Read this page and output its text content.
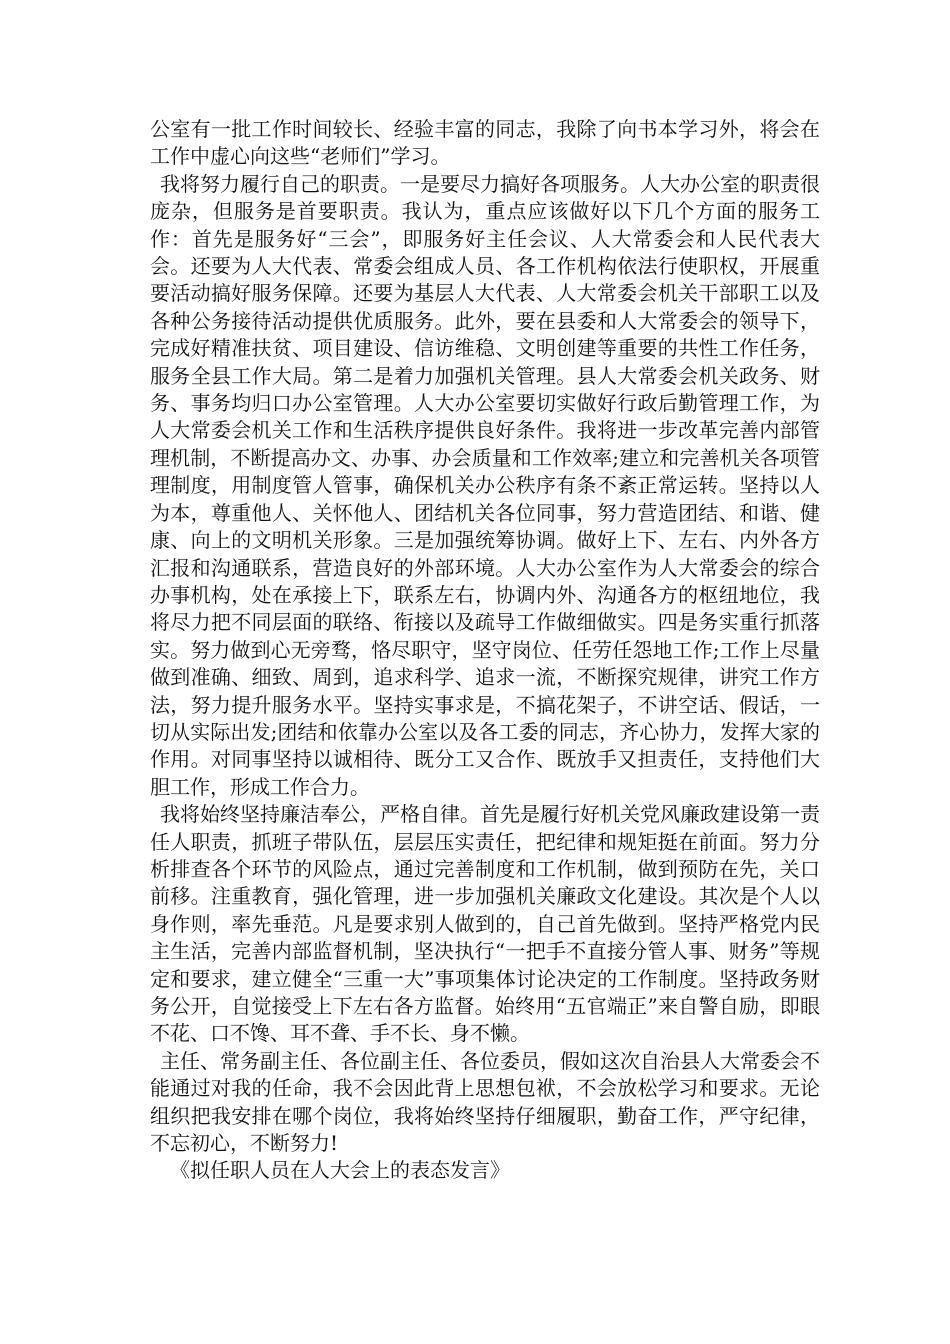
公室有一批工作时间较长、经验丰富的同志，我除了向书本学习外，将会在工作中虚心向这些“老师们”学习。

我将努力履行自己的职责。一是要尽力搞好各项服务。人大办公室的职责很庞杂，但服务是首要职责。我认为，重点应该做好以下几个方面的服务工作：首先是服务好“三会”，即服务好主任会议、人大常委会和人民代表大会。还要为人大代表、常委会组成人员、各工作机构依法行使职权，开展重要活动搞好服务保障。还要为基层人大代表、人大常委会机关干部职工以及各种公务接待活动提供优质服务。此外，要在县委和人大常委会的领导下，完成好精准扶贫、项目建设、信访维稳、文明创建等重要的共性工作任务，服务全县工作大局。第二是着力加强机关管理。县人大常委会机关政务、财务、事务均归口办公室管理。人大办公室要切实做好行政后勤管理工作，为人大常委会机关工作和生活秩序提供良好条件。我将进一步改革完善内部管理机制，不断提高办文、办事、办会质量和工作效率;建立和完善机关各项管理制度，用制度管人管事，确保机关办公秩序有条不紊正常运转。坚持以人为本，尊重他人、关怀他人、团结机关各位同事，努力营造团结、和谐、健康、向上的文明机关形象。三是加强统筹协调。做好上下、左右、内外各方汇报和沟通联系，营造良好的外部环境。人大办公室作为人大常委会的综合办事机构，处在承接上下，联系左右，协调内外、沟通各方的枢纽地位，我将尽力把不同层面的联络、衔接以及疏导工作做细做实。四是务实重行抓落实。努力做到心无旁骛，恪尽职守，坚守岗位、任劳任怨地工作;工作上尽量做到准确、细致、周到，追求科学、追求一流，不断探究规律，讲究工作方法，努力提升服务水平。坚持实事求是，不搞花架子，不讲空话、假话，一切从实际出发;团结和依靠办公室以及各工委的同志，齐心协力，发挥大家的作用。对同事坚持以诚相待、既分工又合作、既放手又担责任，支持他们大胆工作，形成工作合力。

我将始终坚持廉洁奉公，严格自律。首先是履行好机关党风廉政建设第一责任人职责，抓班子带队伍，层层压实责任，把纪律和规矩挺在前面。努力分析排查各个环节的风险点，通过完善制度和工作机制，做到预防在先，关口前移。注重教育，强化管理，进一步加强机关廉政文化建设。其次是个人以身作则，率先垂范。凡是要求别人做到的，自己首先做到。坚持严格党内民主生活，完善内部监督机制，坚决执行“一把手不直接分管人事、财务”等规定和要求，建立健全“三重一大”事项集体讨论决定的工作制度。坚持政务财务公开，自觉接受上下左右各方监督。始终用“五官端正”来自警自励，即眼不花、口不馋、耳不聋、手不长、身不懒。

主任、常务副主任、各位副主任、各位委员，假如这次自治县人大常委会不能通过对我的任命，我不会因此背上思想包袱，不会放松学习和要求。无论组织把我安排在哪个岗位，我将始终坚持仔细履职，勤奋工作，严守纪律，不忘初心，不断努力!

《拟任职人员在人大会上的表态发言》
